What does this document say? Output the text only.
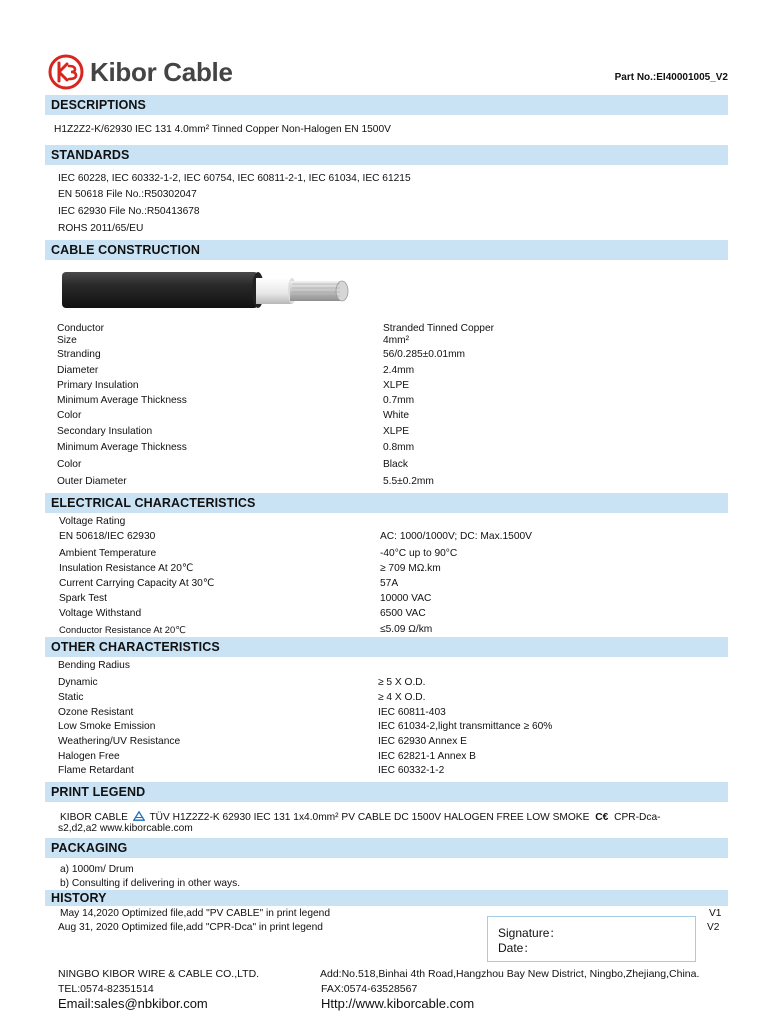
Kibor Cable	Part No.:EI40001005_V2
DESCRIPTIONS
H1Z2Z2-K/62930 IEC 131 4.0mm² Tinned Copper Non-Halogen EN 1500V
STANDARDS
IEC 60228, IEC 60332-1-2, IEC 60754, IEC 60811-2-1, IEC 61034, IEC 61215
EN 50618 File No.:R50302047
IEC 62930 File No.:R50413678
ROHS 2011/65/EU
CABLE CONSTRUCTION
Conductor	Stranded Tinned Copper
Size	4mm²
Stranding	56/0.285±0.01mm
Diameter	2.4mm
Primary Insulation	XLPE
Minimum Average Thickness	0.7mm
Color	White
Secondary Insulation	XLPE
Minimum Average Thickness	0.8mm
Color	Black
Outer Diameter	5.5±0.2mm
ELECTRICAL CHARACTERISTICS
Voltage Rating
EN 50618/IEC 62930	AC: 1000/1000V; DC: Max.1500V
Ambient Temperature	-40°C up to 90°C
Insulation Resistance At 20℃	≥ 709 MΩ.km
Current Carrying Capacity At 30℃	57A
Spark Test	10000 VAC
Voltage Withstand	6500 VAC
Conductor Resistance At 20℃	≤5.09 Ω/km
OTHER CHARACTERISTICS
Bending Radius
Dynamic	≥ 5 X O.D.
Static	≥ 4 X O.D.
Ozone Resistant	IEC 60811-403
Low Smoke Emission	IEC 61034-2,light transmittance ≥ 60%
Weathering/UV Resistance	IEC 62930 Annex E
Halogen Free	IEC 62821-1 Annex B
Flame Retardant	IEC 60332-1-2
PRINT LEGEND
KIBOR CABLE TÜV H1Z2Z2-K 62930 IEC 131 1x4.0mm² PV CABLE DC 1500V HALOGEN FREE LOW SMOKE C€ CPR-Dca-
s2,d2,a2 www.kiborcable.com
PACKAGING
a) 1000m/ Drum
b) Consulting if delivering in other ways.
HISTORY
May 14,2020 Optimized file,add "PV CABLE" in print legend	V1
Aug 31, 2020 Optimized file,add "CPR-Dca" in print legend	V2
Signature：
Date：
NINGBO KIBOR WIRE & CABLE CO.,LTD.	Add:No.518,Binhai 4th Road,Hangzhou Bay New District, Ningbo,Zhejiang,China.
TEL:0574-82351514	FAX:0574-63528567
Email:sales@nbkibor.com	Http://www.kiborcable.com
